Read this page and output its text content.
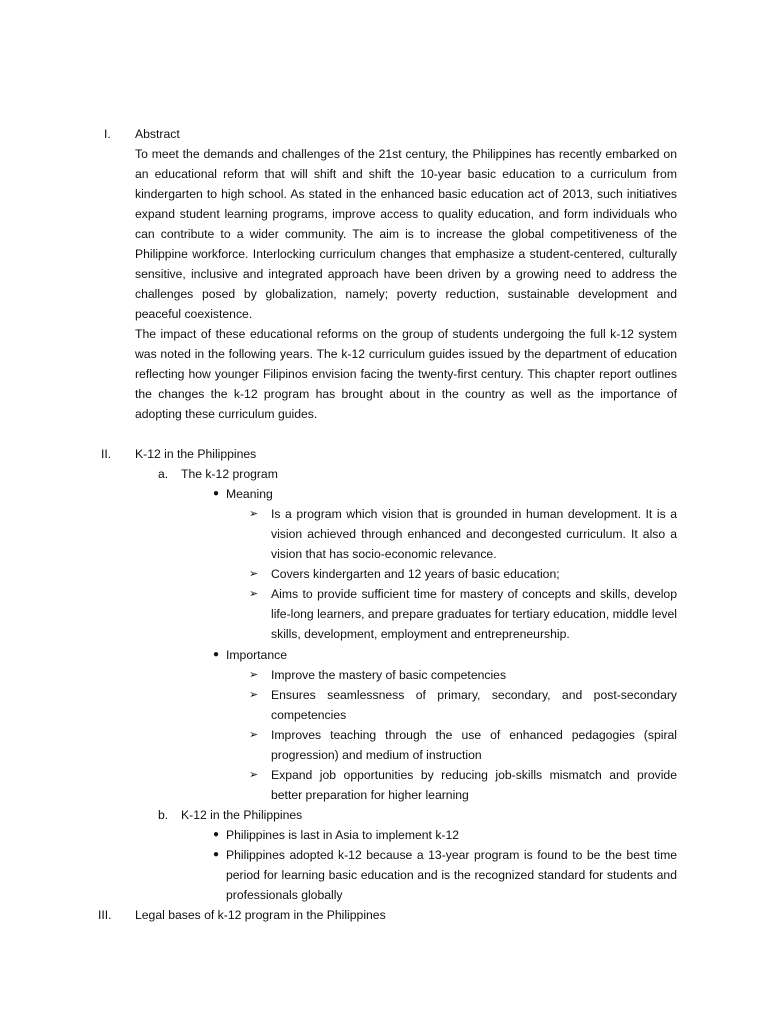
I. Abstract

To meet the demands and challenges of the 21st century, the Philippines has recently embarked on an educational reform that will shift and shift the 10-year basic education to a curriculum from kindergarten to high school. As stated in the enhanced basic education act of 2013, such initiatives expand student learning programs, improve access to quality education, and form individuals who can contribute to a wider community. The aim is to increase the global competitiveness of the Philippine workforce. Interlocking curriculum changes that emphasize a student-centered, culturally sensitive, inclusive and integrated approach have been driven by a growing need to address the challenges posed by globalization, namely; poverty reduction, sustainable development and peaceful coexistence.

The impact of these educational reforms on the group of students undergoing the full k-12 system was noted in the following years. The k-12 curriculum guides issued by the department of education reflecting how younger Filipinos envision facing the twenty-first century. This chapter report outlines the changes the k-12 program has brought about in the country as well as the importance of adopting these curriculum guides.

II. K-12 in the Philippines
a. The k-12 program
● Meaning
➢ Is a program which vision that is grounded in human development. It is a vision achieved through enhanced and decongested curriculum. It also a vision that has socio-economic relevance.

➢ Covers kindergarten and 12 years of basic education;

➢ Aims to provide sufficient time for mastery of concepts and skills, develop life-long learners, and prepare graduates for tertiary education, middle level skills, development, employment and entrepreneurship.

● Importance
➢ Improve the mastery of basic competencies

➢ Ensures seamlessness of primary, secondary, and post-secondary competencies

➢ Improves teaching through the use of enhanced pedagogies (spiral progression) and medium of instruction

➢ Expand job opportunities by reducing job-skills mismatch and provide better preparation for higher learning

b. K-12 in the Philippines
● Philippines is last in Asia to implement k-12

● Philippines adopted k-12 because a 13-year program is found to be the best time period for learning basic education and is the recognized standard for students and professionals globally

III. Legal bases of k-12 program in the Philippines
